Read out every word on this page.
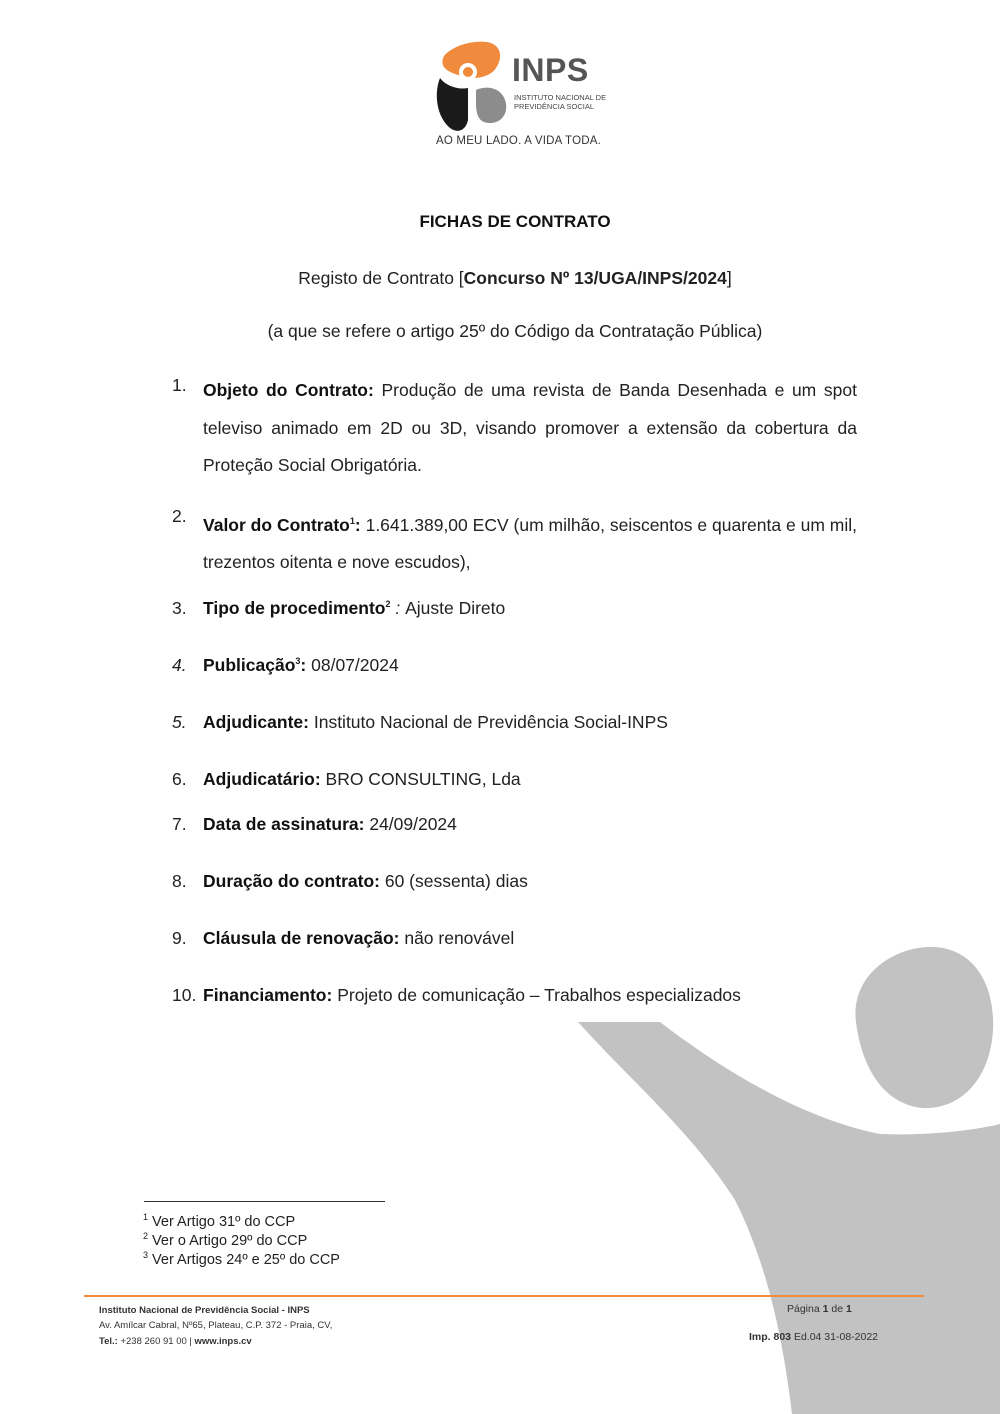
INPS
INSTITUTO NACIONAL DE PREVIDÊNCIA SOCIAL
AO MEU LADO. A VIDA TODA.
FICHAS DE CONTRATO
Registo de Contrato [Concurso Nº 13/UGA/INPS/2024]
(a que se refere o artigo 25º do Código da Contratação Pública)
1. Objeto do Contrato: Produção de uma revista de Banda Desenhada e um spot televiso animado em 2D ou 3D, visando promover a extensão da cobertura da Proteção Social Obrigatória.
2. Valor do Contrato$^1$: 1.641.389,00 ECV (um milhão, seiscentos e quarenta e um mil, trezentos oitenta e nove escudos),
3. Tipo de procedimento$^2$ : Ajuste Direto
4. Publicação$^3$: 08/07/2024
5. Adjudicante: Instituto Nacional de Previdência Social-INPS
6. Adjudicatário: BRO CONSULTING, Lda
7. Data de assinatura: 24/09/2024
8. Duração do contrato: 60 (sessenta) dias
9. Cláusula de renovação: não renovável
10. Financiamento: Projeto de comunicação – Trabalhos especializados
$^1$ Ver Artigo 31º do CCP
$^2$ Ver o Artigo 29º do CCP
$^3$ Ver Artigos 24º e 25º do CCP
Instituto Nacional de Previdência Social - INPS
Av. Amílcar Cabral, Nº65, Plateau, C.P. 372 - Praia, CV,
Tel.: +238 260 91 00 | www.inps.cv
Página 1 de 1
Imp. 803 Ed.04 31-08-2022
